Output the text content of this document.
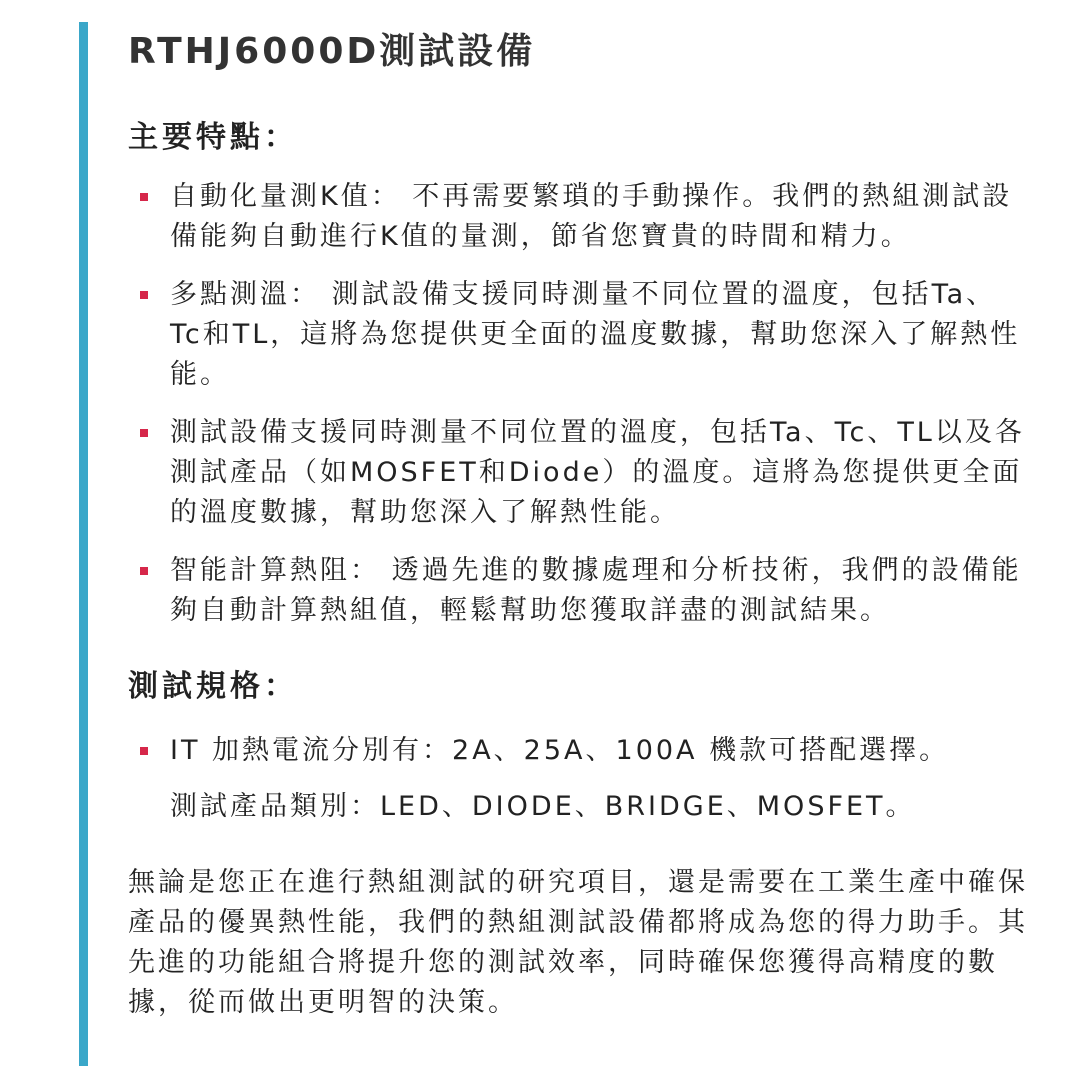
RTHJ6000D測試設備
主要特點：
自動化量測K值： 不再需要繁瑣的手動操作。我們的熱組測試設備能夠自動進行K值的量測，節省您寶貴的時間和精力。
多點測溫： 測試設備支援同時測量不同位置的溫度，包括Ta、Tc和TL，這將為您提供更全面的溫度數據，幫助您深入了解熱性能。
測試設備支援同時測量不同位置的溫度，包括Ta、Tc、TL以及各測試產品（如MOSFET和Diode）的溫度。這將為您提供更全面的溫度數據，幫助您深入了解熱性能。
智能計算熱阻： 透過先進的數據處理和分析技術，我們的設備能夠自動計算熱組值，輕鬆幫助您獲取詳盡的測試結果。
測試規格：
IT 加熱電流分別有：2A、25A、100A 機款可搭配選擇。

測試產品類別：LED、DIODE、BRIDGE、MOSFET。

無論是您正在進行熱組測試的研究項目，還是需要在工業生產中確保產品的優異熱性能，我們的熱組測試設備都將成為您的得力助手。其先進的功能組合將提升您的測試效率，同時確保您獲得高精度的數據，從而做出更明智的決策。
